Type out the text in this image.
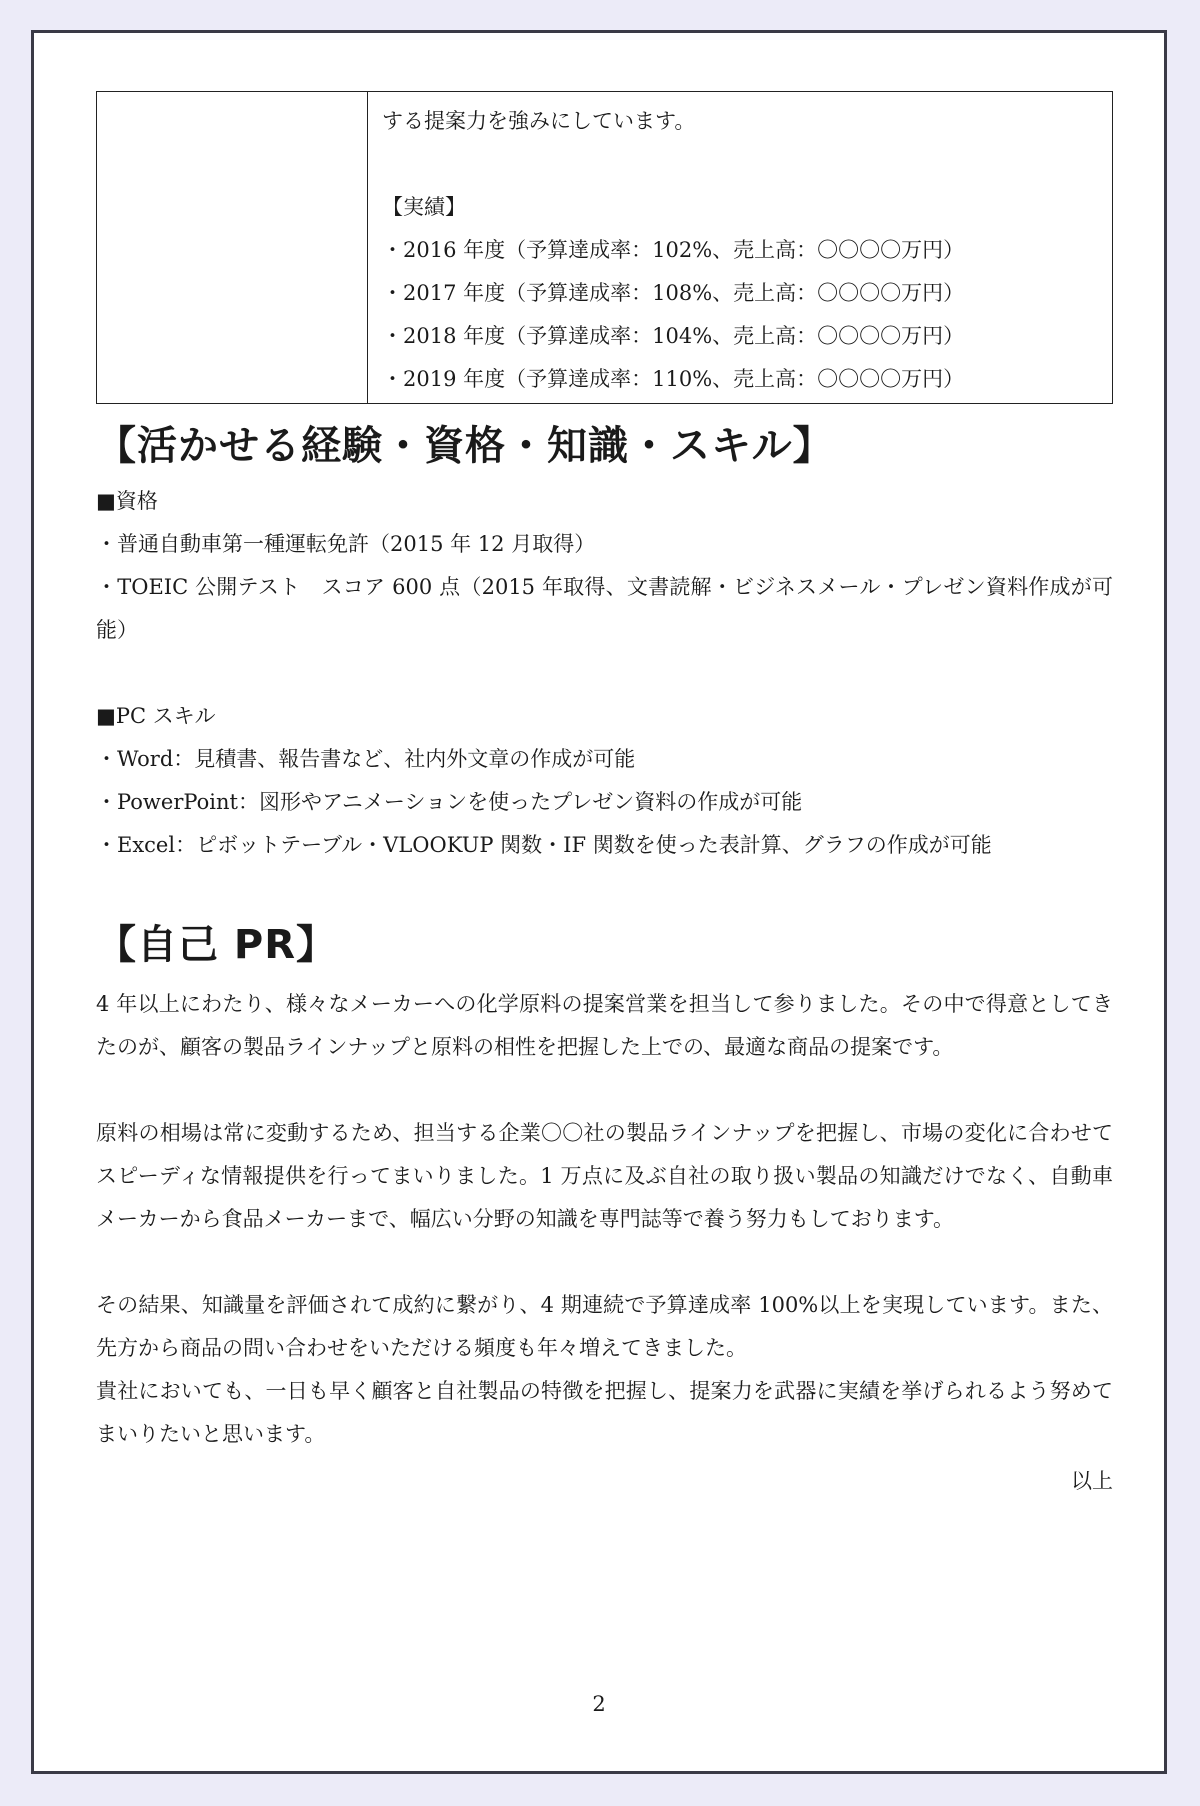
する提案力を強みにしています。
【実績】
・2016 年度（予算達成率：102%、売上高：〇〇〇〇万円）
・2017 年度（予算達成率：108%、売上高：〇〇〇〇万円）
・2018 年度（予算達成率：104%、売上高：〇〇〇〇万円）
・2019 年度（予算達成率：110%、売上高：〇〇〇〇万円）
【活かせる経験・資格・知識・スキル】

■資格

・普通自動車第一種運転免許（2015 年 12 月取得）

・TOEIC 公開テスト　スコア 600 点（2015 年取得、文書読解・ビジネスメール・プレゼン資料作成が可能）

■PC スキル

・Word：見積書、報告書など、社内外文章の作成が可能

・PowerPoint：図形やアニメーションを使ったプレゼン資料の作成が可能

・Excel：ピボットテーブル・VLOOKUP 関数・IF 関数を使った表計算、グラフの作成が可能

【自己 PR】

4 年以上にわたり、様々なメーカーへの化学原料の提案営業を担当して参りました。その中で得意としてきたのが、顧客の製品ラインナップと原料の相性を把握した上での、最適な商品の提案です。

原料の相場は常に変動するため、担当する企業〇〇社の製品ラインナップを把握し、市場の変化に合わせてスピーディな情報提供を行ってまいりました。1 万点に及ぶ自社の取り扱い製品の知識だけでなく、自動車メーカーから食品メーカーまで、幅広い分野の知識を専門誌等で養う努力もしております。

その結果、知識量を評価されて成約に繋がり、4 期連続で予算達成率 100%以上を実現しています。また、先方から商品の問い合わせをいただける頻度も年々増えてきました。

貴社においても、一日も早く顧客と自社製品の特徴を把握し、提案力を武器に実績を挙げられるよう努めてまいりたいと思います。

以上
2
